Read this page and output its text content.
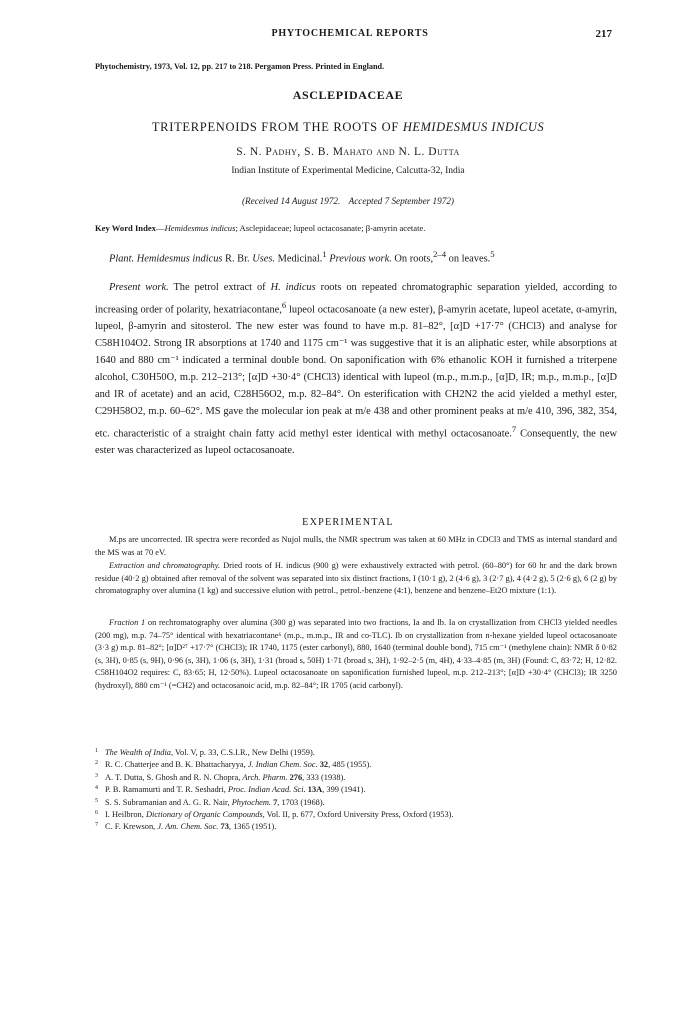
PHYTOCHEMICAL REPORTS	217
Phytochemistry, 1973, Vol. 12, pp. 217 to 218. Pergamon Press. Printed in England.
ASCLEPIDACEAE
TRITERPENOIDS FROM THE ROOTS OF HEMIDESMUS INDICUS
S. N. Padhy, S. B. Mahato and N. L. Dutta
Indian Institute of Experimental Medicine, Calcutta-32, India
(Received 14 August 1972. Accepted 7 September 1972)
Key Word Index—Hemidesmus indicus; Asclepidaceae; lupeol octacosanate; β-amyrin acetate.
Plant. Hemidesmus indicus R. Br. Uses. Medicinal.$^1$ Previous work. On roots,$^{2-4}$ on leaves.$^5$
Present work. The petrol extract of H. indicus roots on repeated chromatographic separation yielded, according to increasing order of polarity, hexatriacontane,$^6$ lupeol octacosanoate (a new ester), β-amyrin acetate, lupeol acetate, α-amyrin, lupeol, β-amyrin and sitosterol. The new ester was found to have m.p. 81–82°, [α]D +17·7° (CHCl3) and analyse for C58H104O2. Strong IR absorptions at 1740 and 1175 cm⁻¹ was suggestive that it is an aliphatic ester, while absorptions at 1640 and 880 cm⁻¹ indicated a terminal double bond. On saponification with 6% ethanolic KOH it furnished a triterpene alcohol, C30H50O, m.p. 212–213°; [α]D +30·4° (CHCl3) identical with lupeol (m.p., m.m.p., [α]D, IR; m.p., m.m.p., [α]D and IR of acetate) and an acid, C28H56O2, m.p. 82–84°. On esterification with CH2N2 the acid yielded a methyl ester, C29H58O2, m.p. 60–62°. MS gave the molecular ion peak at m/e 438 and other prominent peaks at m/e 410, 396, 382, 354, etc. characteristic of a straight chain fatty acid methyl ester identical with methyl octacosanoate.$^7$ Consequently, the new ester was characterized as lupeol octacosanoate.
EXPERIMENTAL
M.ps are uncorrected. IR spectra were recorded as Nujol mulls, the NMR spectrum was taken at 60 MHz in CDCl3 and TMS as internal standard and the MS was at 70 eV.
Extraction and chromatography. Dried roots of H. indicus (900 g) were exhaustively extracted with petrol. (60–80°) for 60 hr and the dark brown residue (40·2 g) obtained after removal of the solvent was separated into six distinct fractions, I (10·1 g), 2 (4·6 g), 3 (2·7 g), 4 (4·2 g), 5 (2·6 g), 6 (2 g) by chromatography over alumina (1 kg) and successive elution with petrol., petrol.-benzene (4:1), benzene and benzene–Et2O mixture (1:1).
Fraction 1 on rechromatography over alumina (300 g) was separated into two fractions, Ia and Ib. Ia on crystallization from CHCl3 yielded needles (200 mg), m.p. 74–75° identical with hexatriacontane⁶ (m.p., m.m.p., IR and co-TLC). Ib on crystallization from n-hexane yielded lupeol octacosanoate (3·3 g) m.p. 81–82°; [α]D²⁷ +17·7° (CHCl3); IR 1740, 1175 (ester carbonyl), 880, 1640 (terminal double bond), 715 cm⁻¹ (methylene chain): NMR δ 0·82 (s, 3H), 0·85 (s, 9H), 0·96 (s, 3H), 1·06 (s, 3H), 1·31 (broad s, 50H) 1·71 (broad s, 3H), 1·92–2·5 (m, 4H), 4·33–4·85 (m, 3H) (Found: C, 83·72; H, 12·82. C58H104O2 requires: C, 83·65; H, 12·50%). Lupeol octacosanoate on saponification furnished lupeol, m.p. 212–213°; [α]D +30·4° (CHCl3); IR 3250 (hydroxyl), 880 cm⁻¹ (=CH2) and octacosanoic acid, m.p. 82–84°; IR 1705 (acid carbonyl).
1 The Wealth of India, Vol. V, p. 33, C.S.I.R., New Delhi (1959).
2 R. C. Chatterjee and B. K. Bhattacharyya, J. Indian Chem. Soc. 32, 485 (1955).
3 A. T. Dutta, S. Ghosh and R. N. Chopra, Arch. Pharm. 276, 333 (1938).
4 P. B. Ramamurti and T. R. Seshadri, Proc. Indian Acad. Sci. 13A, 399 (1941).
5 S. S. Subramanian and A. G. R. Nair, Phytochem. 7, 1703 (1968).
6 I. Heilbron, Dictionary of Organic Compounds, Vol. II, p. 677, Oxford University Press, Oxford (1953).
7 C. F. Krewson, J. Am. Chem. Soc. 73, 1365 (1951).
